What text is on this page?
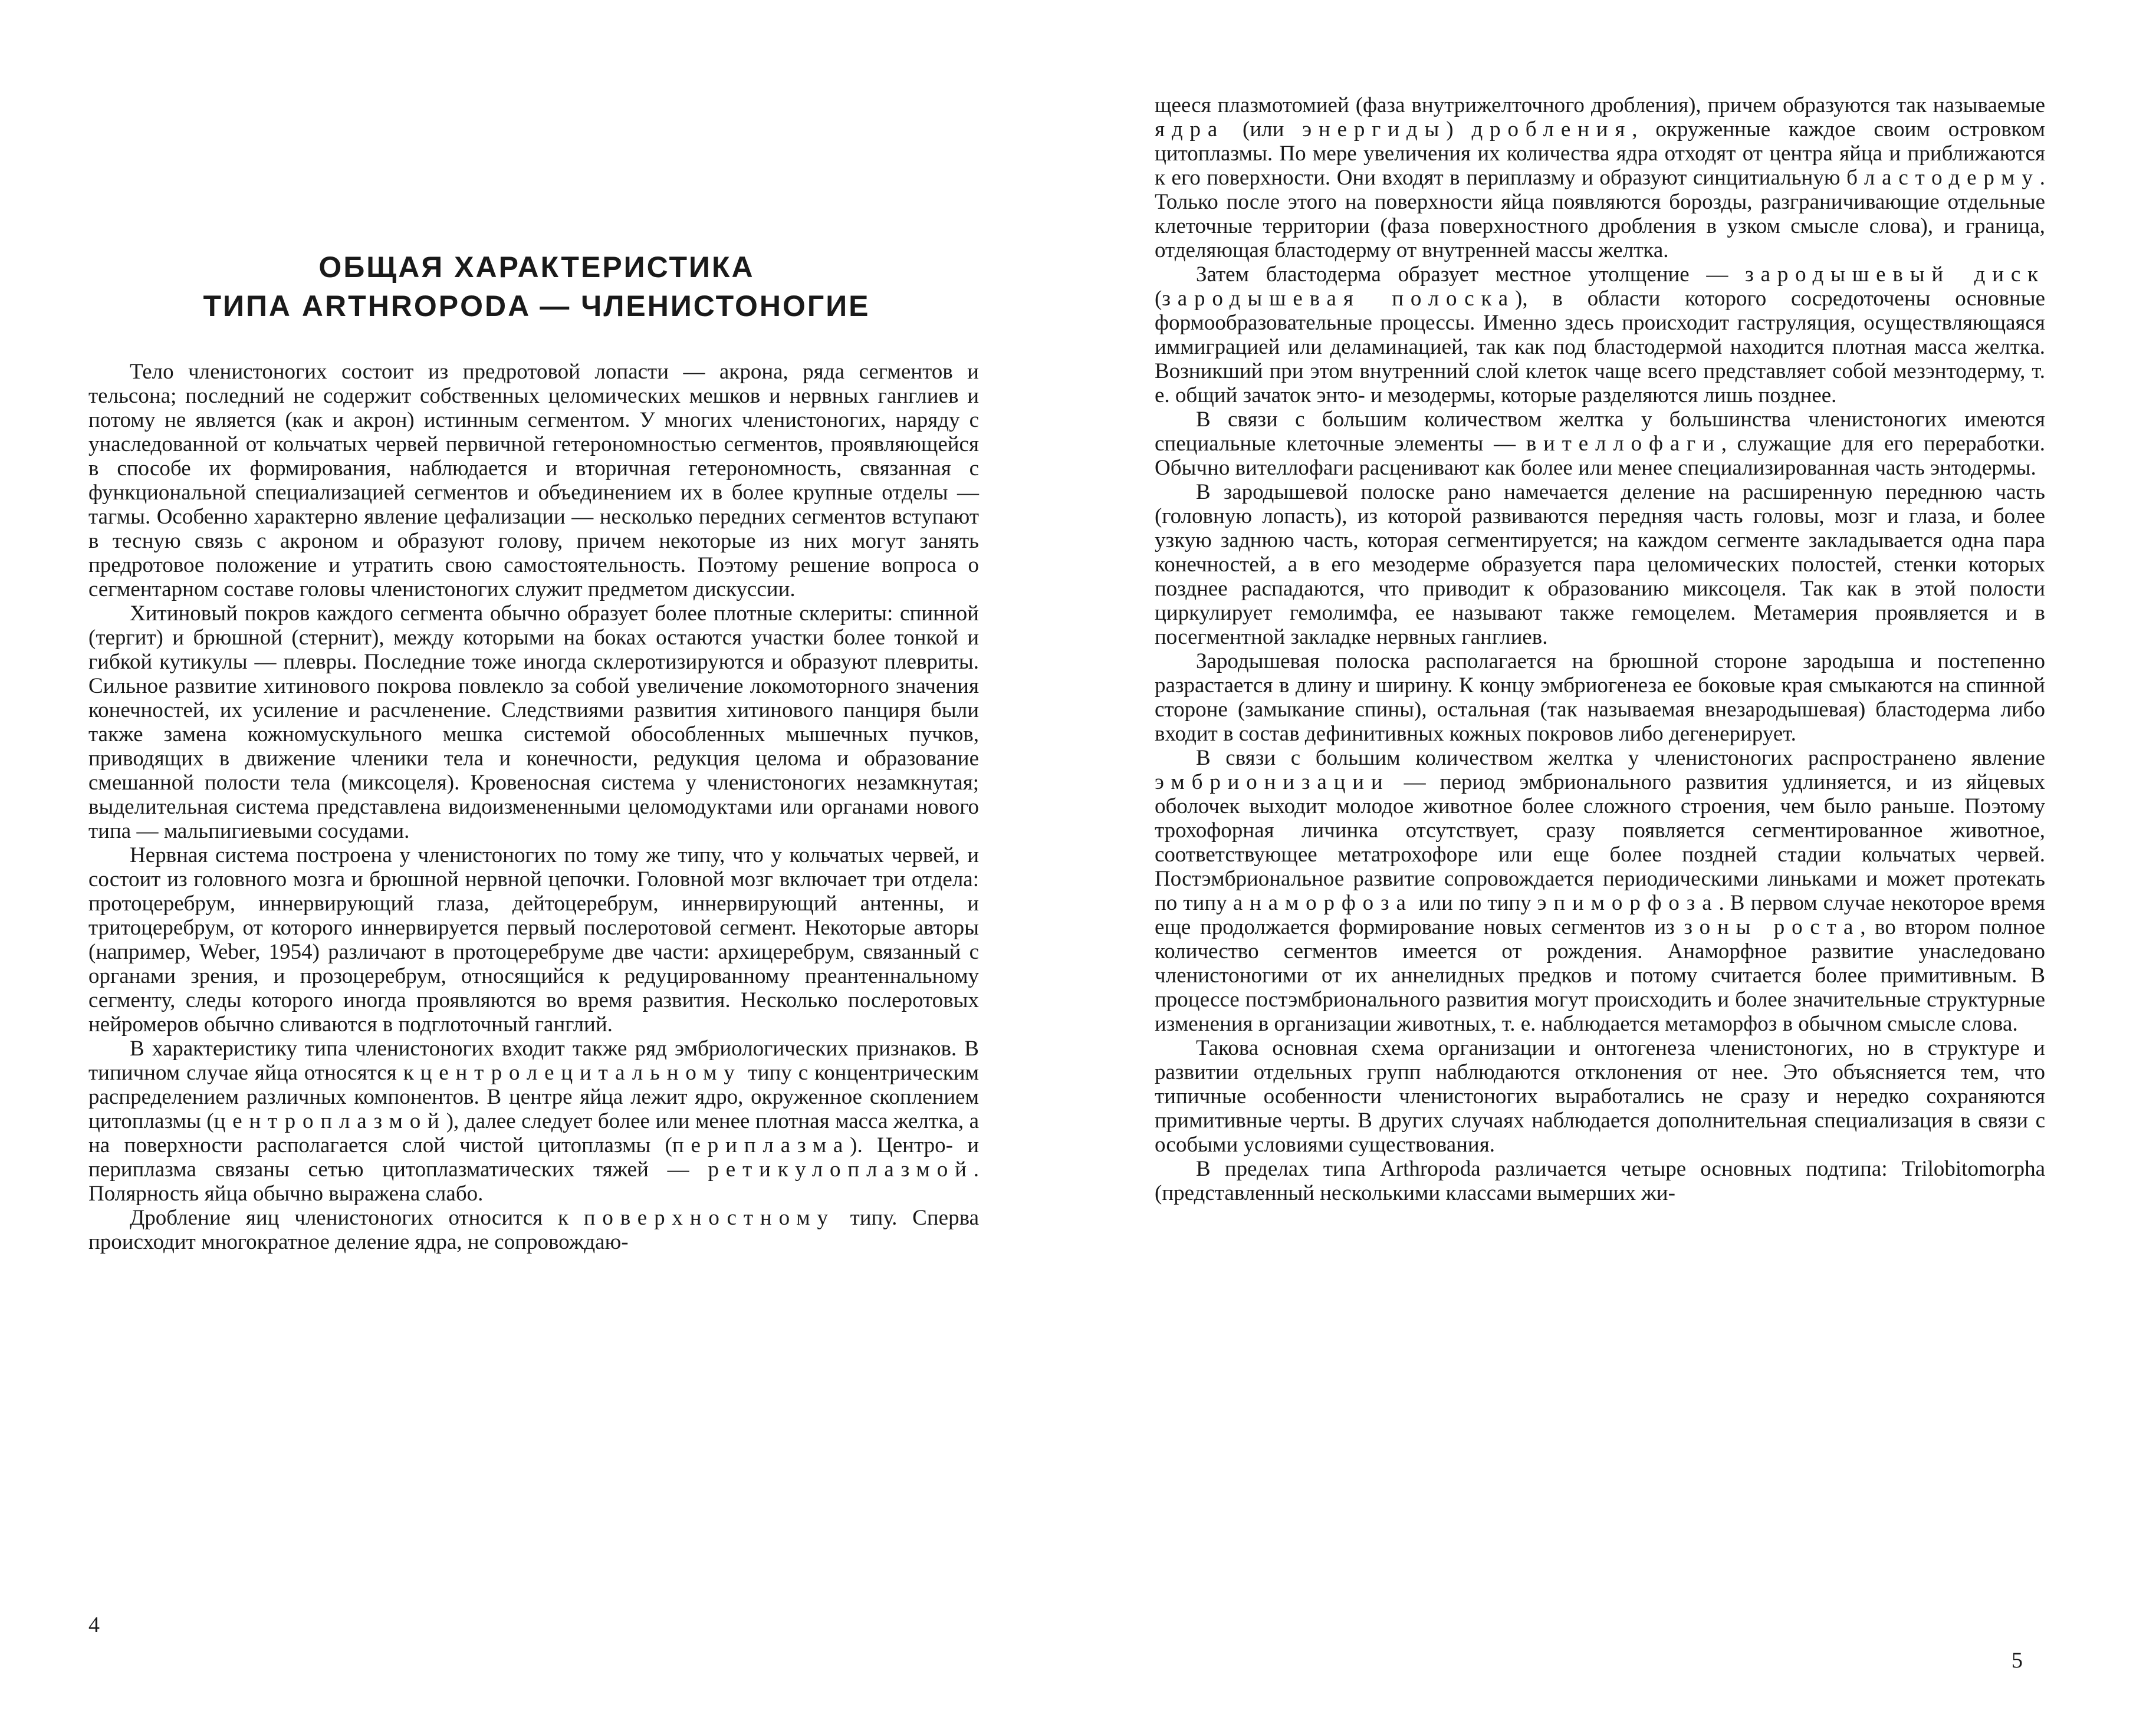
ОБЩАЯ ХАРАКТЕРИСТИКА
ТИПА ARTHROPODA — ЧЛЕНИСТОНОГИЕ

Тело членистоногих состоит из предротовой лопасти — акрона, ряда сегментов и тельсона; последний не содержит собственных целомических мешков и нервных ганглиев и потому не является (как и акрон) истинным сегментом. У многих членистоногих, наряду с унаследованной от кольчатых червей первичной гетерономностью сегментов, проявляющейся в способе их формирования, наблюдается и вторичная гетерономность, связанная с функциональной специализацией сегментов и объединением их в более крупные отделы — тагмы. Особенно характерно явление цефализации — несколько передних сегментов вступают в тесную связь с акроном и образуют голову, причем некоторые из них могут занять предротовое положение и утратить свою самостоятельность. Поэтому решение вопроса о сегментарном составе головы членистоногих служит предметом дискуссии.

Хитиновый покров каждого сегмента обычно образует более плотные склериты: спинной (тергит) и брюшной (стернит), между которыми на боках остаются участки более тонкой и гибкой кутикулы — плевры. Последние тоже иногда склеротизируются и образуют плевриты. Сильное развитие хитинового покрова повлекло за собой увеличение локомоторного значения конечностей, их усиление и расчленение. Следствиями развития хитинового панциря были также замена кожномускульного мешка системой обособленных мышечных пучков, приводящих в движение членики тела и конечности, редукция целома и образование смешанной полости тела (миксоцеля). Кровеносная система у членистоногих незамкнутая; выделительная система представлена видоизмененными целомодуктами или органами нового типа — мальпигиевыми сосудами.

Нервная система построена у членистоногих по тому же типу, что у кольчатых червей, и состоит из головного мозга и брюшной нервной цепочки. Головной мозг включает три отдела: протоцеребрум, иннервирующий глаза, дейтоцеребрум, иннервирующий антенны, и тритоцеребрум, от которого иннервируется первый послеротовой сегмент. Некоторые авторы (например, Weber, 1954) различают в протоцеребруме две части: архицеребрум, связанный с органами зрения, и прозоцеребрум, относящийся к редуцированному преантеннальному сегменту, следы которого иногда проявляются во время развития. Несколько послеротовых нейромеров обычно сливаются в подглоточный ганглий.

В характеристику типа членистоногих входит также ряд эмбриологических признаков. В типичном случае яйца относятся к центролецитальному типу с концентрическим распределением различных компонентов. В центре яйца лежит ядро, окруженное скоплением цитоплазмы (центроплазмой), далее следует более или менее плотная масса желтка, а на поверхности располагается слой чистой цитоплазмы (периплазма). Центро- и периплазма связаны сетью цитоплазматических тяжей — ретикулоплазмой. Полярность яйца обычно выражена слабо.

Дробление яиц членистоногих относится к поверхностному типу. Сперва происходит многократное деление ядра, не сопровождаю-

4

щееся плазмотомией (фаза внутрижелточного дробления), причем образуются так называемые ядра (или энергиды) дробления, окруженные каждое своим островком цитоплазмы. По мере увеличения их количества ядра отходят от центра яйца и приближаются к его поверхности. Они входят в периплазму и образуют синцитиальную бластодерму. Только после этого на поверхности яйца появляются борозды, разграничивающие отдельные клеточные территории (фаза поверхностного дробления в узком смысле слова), и граница, отделяющая бластодерму от внутренней массы желтка.

Затем бластодерма образует местное утолщение — зародышевый диск (зародышевая полоска), в области которого сосредоточены основные формообразовательные процессы. Именно здесь происходит гаструляция, осуществляющаяся иммиграцией или деламинацией, так как под бластодермой находится плотная масса желтка. Возникший при этом внутренний слой клеток чаще всего представляет собой мезэнтодерму, т. е. общий зачаток энто- и мезодермы, которые разделяются лишь позднее.

В связи с большим количеством желтка у большинства членистоногих имеются специальные клеточные элементы — вителлофаги, служащие для его переработки. Обычно вителлофаги расценивают как более или менее специализированная часть энтодермы.

В зародышевой полоске рано намечается деление на расширенную переднюю часть (головную лопасть), из которой развиваются передняя часть головы, мозг и глаза, и более узкую заднюю часть, которая сегментируется; на каждом сегменте закладывается одна пара конечностей, а в его мезодерме образуется пара целомических полостей, стенки которых позднее распадаются, что приводит к образованию миксоцеля. Так как в этой полости циркулирует гемолимфа, ее называют также гемоцелем. Метамерия проявляется и в посегментной закладке нервных ганглиев.

Зародышевая полоска располагается на брюшной стороне зародыша и постепенно разрастается в длину и ширину. К концу эмбриогенеза ее боковые края смыкаются на спинной стороне (замыкание спины), остальная (так называемая внезародышевая) бластодерма либо входит в состав дефинитивных кожных покровов либо дегенерирует.

В связи с большим количеством желтка у членистоногих распространено явление эмбрионизации — период эмбрионального развития удлиняется, и из яйцевых оболочек выходит молодое животное более сложного строения, чем было раньше. Поэтому трохофорная личинка отсутствует, сразу появляется сегментированное животное, соответствующее метатрохофоре или еще более поздней стадии кольчатых червей. Постэмбриональное развитие сопровождается периодическими линьками и может протекать по типу анаморфоза или по типу эпиморфоза. В первом случае некоторое время еще продолжается формирование новых сегментов из зоны роста, во втором полное количество сегментов имеется от рождения. Анаморфное развитие унаследовано членистоногими от их аннелидных предков и потому считается более примитивным. В процессе постэмбрионального развития могут происходить и более значительные структурные изменения в организации животных, т. е. наблюдается метаморфоз в обычном смысле слова.

Такова основная схема организации и онтогенеза членистоногих, но в структуре и развитии отдельных групп наблюдаются отклонения от нее. Это объясняется тем, что типичные особенности членистоногих выработались не сразу и нередко сохраняются примитивные черты. В других случаях наблюдается дополнительная специализация в связи с особыми условиями существования.

В пределах типа Arthropoda различается четыре основных подтипа: Trilobitomorpha (представленный несколькими классами вымерших жи-

5
